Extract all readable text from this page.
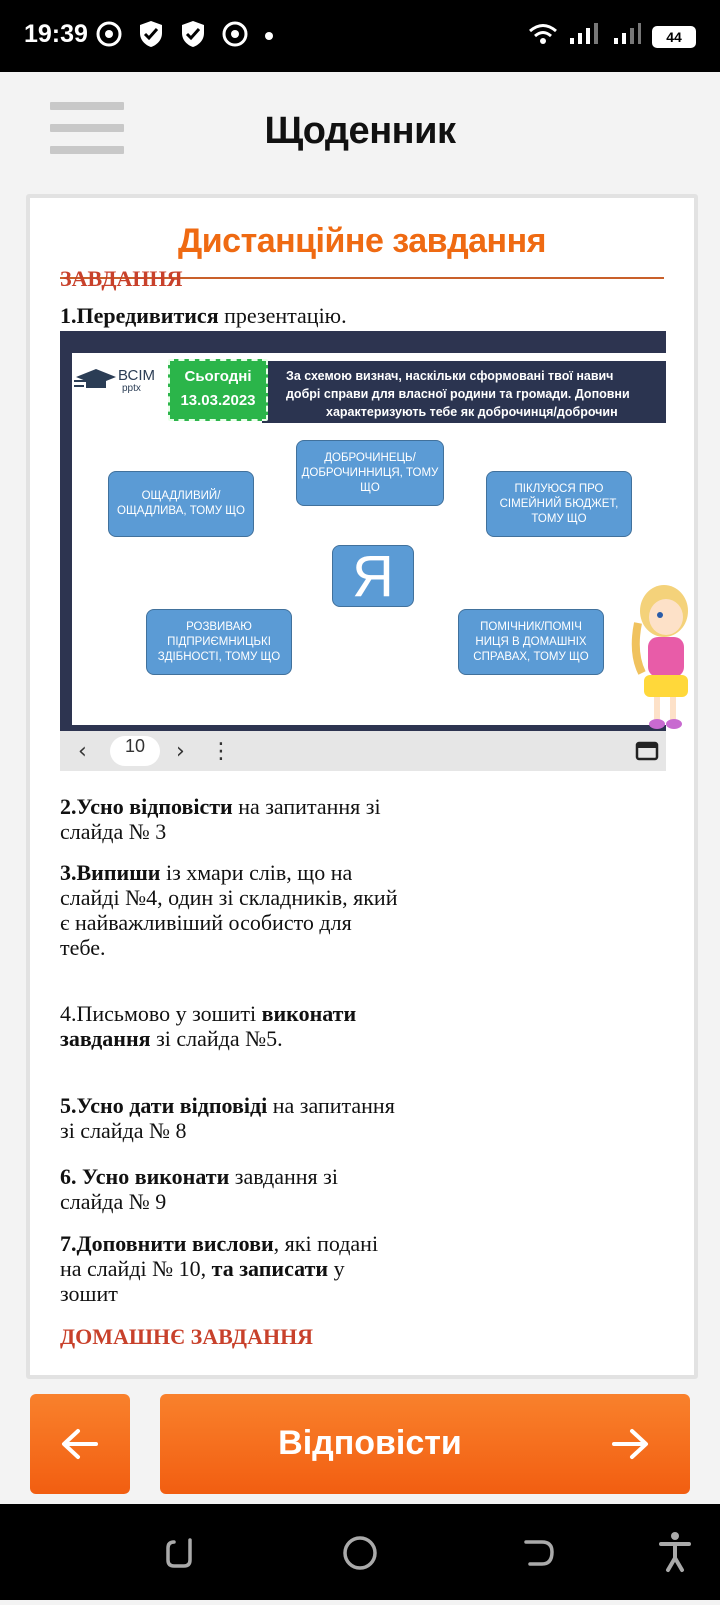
19:39	44
Щоденник
Дистанційне завдання
ЗАВДАННЯ
1.Передивитися презентацію.
ВСІМ
pptx
За схемою визнач, наскільки сформовані твої навич
добрі справи для власної родини та громади. Доповни
характеризують тебе як доброчинця/доброчин
Сьогодні
13.03.2023
ОЩАДЛИВИЙ/ ОЩАДЛИВА, ТОМУ ЩО
ДОБРОЧИНЕЦЬ/ ДОБРОЧИННИЦЯ, ТОМУ ЩО	ПІКЛУЮСЯ ПРО СІМЕЙНИЙ БЮДЖЕТ, ТОМУ ЩО
Я
РОЗВИВАЮ ПІДПРИЄМНИЦЬКІ ЗДІБНОСТІ, ТОМУ ЩО
ПОМІЧНИК/ПОМІЧ НИЦЯ В ДОМАШНІХ СПРАВАХ, ТОМУ ЩО
‹	10	› ⋮
2.Усно відповісти на запитання зі слайда № 3
3.Випиши із хмари слів, що на слайді №4, один зі складників, який є найважливіший особисто для тебе.
4.Письмово у зошиті виконати завдання зі слайда №5.
5.Усно дати відповіді на запитання зі слайда № 8
6. Усно виконати завдання зі слайда № 9
7.Доповнити вислови, які подані на слайді № 10, та записати у зошит
ДОМАШНЄ ЗАВДАННЯ
Відповісти
